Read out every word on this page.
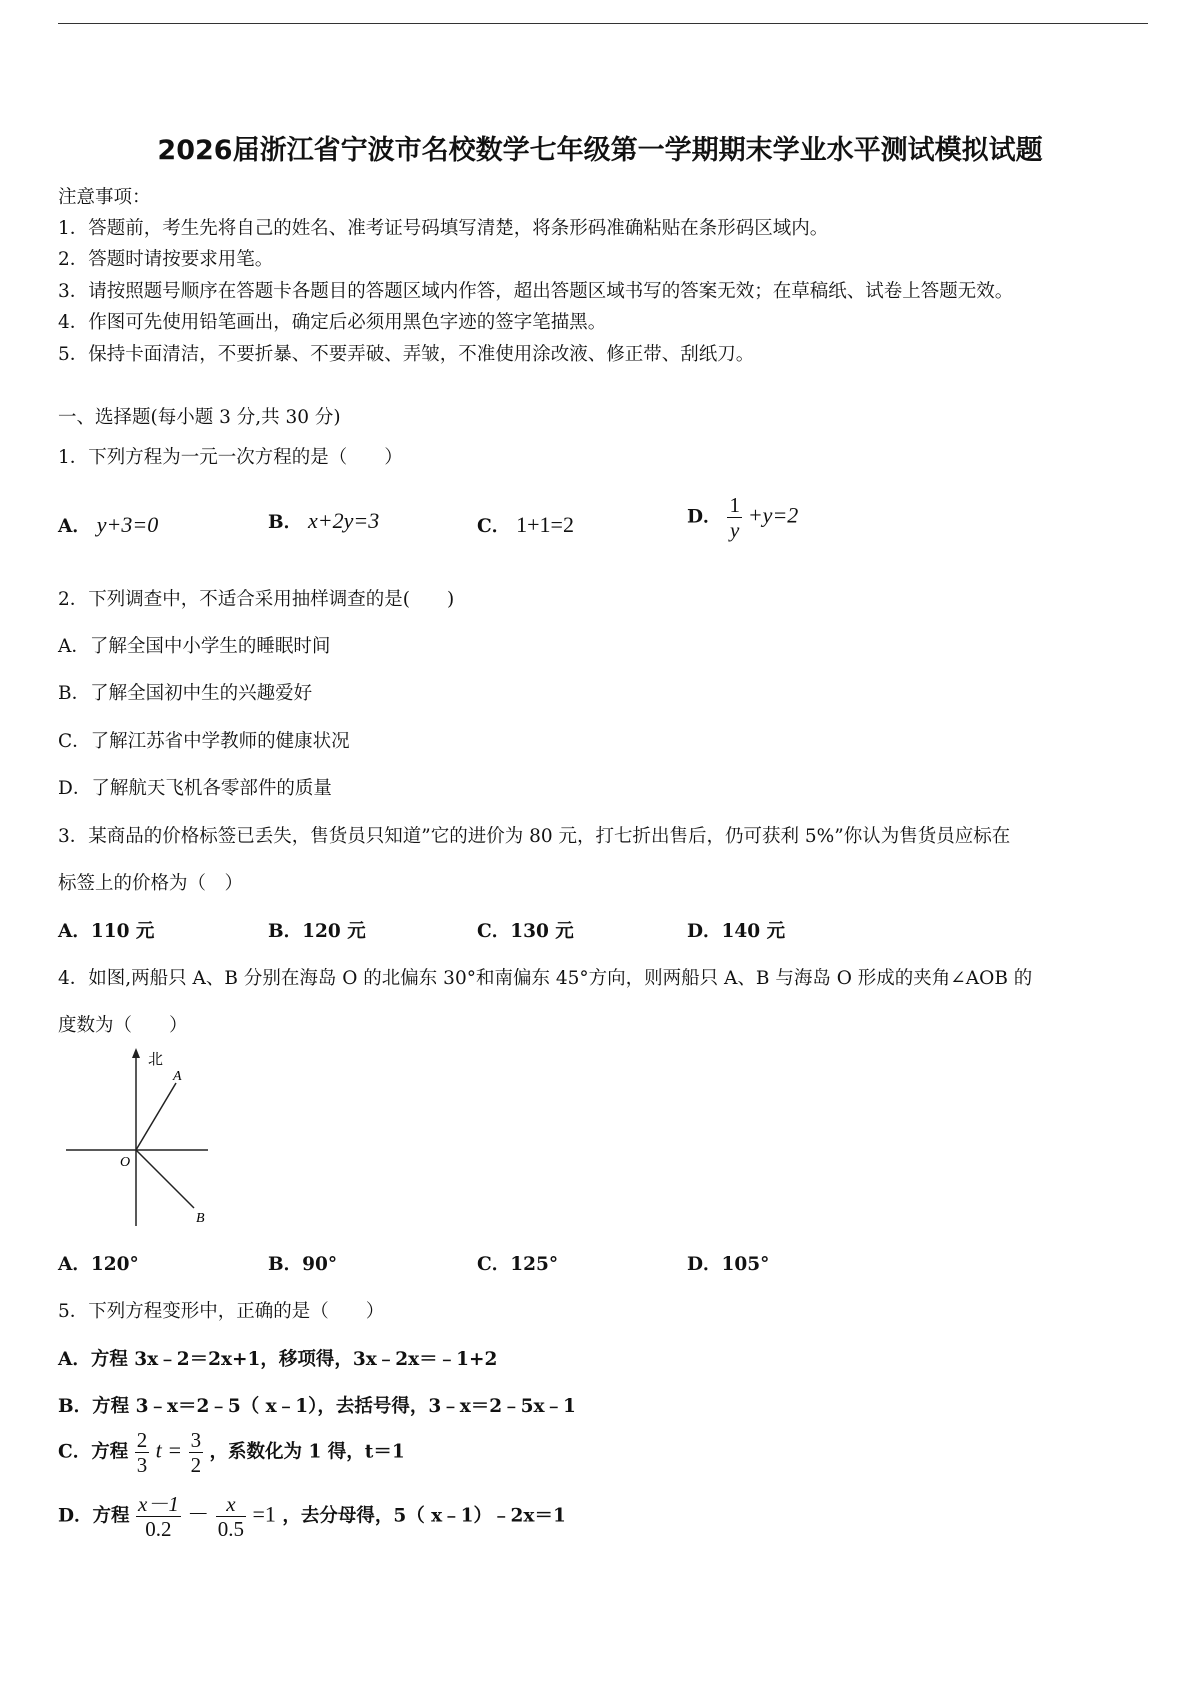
2026届浙江省宁波市名校数学七年级第一学期期末学业水平测试模拟试题
注意事项：
1．答题前，考生先将自己的姓名、准考证号码填写清楚，将条形码准确粘贴在条形码区域内。
2．答题时请按要求用笔。
3．请按照题号顺序在答题卡各题目的答题区域内作答，超出答题区域书写的答案无效；在草稿纸、试卷上答题无效。
4．作图可先使用铅笔画出，确定后必须用黑色字迹的签字笔描黑。
5．保持卡面清洁，不要折暴、不要弄破、弄皱，不准使用涂改液、修正带、刮纸刀。
一、选择题(每小题 3 分,共 30 分)
1．下列方程为一元一次方程的是（　　）
A． y+3=0	B． x+2y=3	C． 1+1=2	D． $\frac{1}{y} +y=2$
2．下列调查中，不适合采用抽样调查的是(　　)
A．了解全国中小学生的睡眠时间
B．了解全国初中生的兴趣爱好
C．了解江苏省中学教师的健康状况
D．了解航天飞机各零部件的质量
3．某商品的价格标签已丢失，售货员只知道”它的进价为 80 元，打七折出售后，仍可获利 5%”你认为售货员应标在
标签上的价格为（　）
A．110 元	B．120 元	C．130 元	D．140 元
4．如图,两船只 A、B 分别在海岛 O 的北偏东 30°和南偏东 45°方向，则两船只 A、B 与海岛 O 形成的夹角∠AOB 的
度数为（　　）
北
A
B
O
A．120°	B．90°	C．125°	D．105°
5．下列方程变形中，正确的是（　　）
A．方程 3x﹣2＝2x+1，移项得，3x﹣2x＝﹣1+2
B．方程 3﹣x＝2﹣5（ x﹣1），去括号得，3﹣x＝2﹣5x﹣1
C．方程 $\frac{2}{3}$ $t = \frac{3}{2}$ ，系数化为 1 得，t＝1
D．方程 $\frac{x-1}{0.2} - \frac{x}{0.5} =1$ ，去分母得，5（ x﹣1）﹣2x＝1
